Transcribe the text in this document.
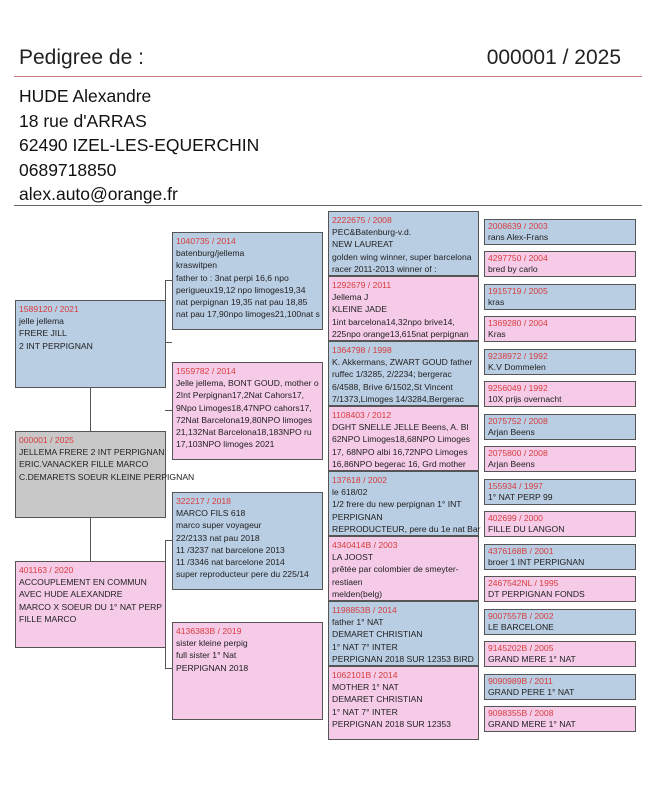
Pedigree de :	000001 / 2025
HUDE Alexandre
18 rue d'ARRAS
62490 IZEL-LES-EQUERCHIN
0689718850
alex.auto@orange.fr
1589120 / 2021
jelle jellema
FRERE JILL
2 INT PERPIGNAN
000001 / 2025
JELLEMA FRERE 2 INT PERPIGNAN
ERIC.VANACKER FILLE MARCO
C.DEMARETS SOEUR KLEINE PERPIGNAN
401163 / 2020
ACCOUPLEMENT EN COMMUN
AVEC HUDE ALEXANDRE
MARCO X SOEUR DU 1° NAT PERP
FILLE MARCO
1040735 / 2014
batenburg/jellema
kraswitpen
father to : 3nat perpi 16,6 npo
perigueux19,12 npo limoges19,34
nat perpignan 19,35 nat pau 18,85
nat pau 17,90npo limoges21,100nat s
1559782 / 2014
Jelle jellema, BONT GOUD, mother o
2Int Perpignan17,2Nat Cahors17,
9Npo Limoges18,47NPO cahors17,
72Nat Barcelona19,80NPO limoges
21,132Nat Barcelona18,183NPO ru
17,103NPO limoges 2021
322217 / 2018
MARCO FILS 618
marco super voyageur
22/2133 nat pau 2018
11 /3237 nat barcelone 2013
11 /3346 nat barcelone 2014
super reproducteur pere du 225/14
4136383B / 2019
sister kleine perpig
full sister 1° Nat
PERPIGNAN 2018
2222675 / 2008
PEC&Batenburg-v.d.
NEW LAUREAT
golden wing winner, super barcelona
racer 2011-2013 winner of :
1292679 / 2011
Jellema J
KLEINE JADE
1int barcelona14,32npo brive14,
225npo orange13,615nat perpignan
1364798 / 1998
K. Akkermans, ZWART GOUD father
ruffec 1/3285, 2/2234; bergerac
6/4588, Brive 6/1502,St Vincent
7/1373,Limoges 14/3284,Bergerac
1108403 / 2012
DGHT SNELLE JELLE Beens, A. Bl
62NPO Limoges18,68NPO Limoges
17, 68NPO albi 16,72NPO Limoges
16,86NPO begerac 16, Grd mother
137618 / 2002
le 618/02
1/2 frere du new perpignan 1° INT
PERPIGNAN
REPRODUCTEUR, pere du 1e nat Bar
4340414B / 2003
LA JOOST
prêtée par colombier de smeyter-
restiaen
melden(belg)
1198853B / 2014
father 1° NAT
DEMARET CHRISTIAN
1° NAT 7° INTER
PERPIGNAN 2018 SUR 12353 BIRD
1062101B / 2014
MOTHER 1° NAT
DEMARET CHRISTIAN
1° NAT 7° INTER
PERPIGNAN 2018 SUR 12353
2008639 / 2003
rans Alex-Frans
4297750 / 2004
bred by carlo
1915719 / 2005
kras
1369280 / 2004
Kras
9238972 / 1992
K.V Dommelen
9256049 / 1992
10X prijs overnacht
2075752 / 2008
Arjan Beens
2075800 / 2008
Arjan Beens
155934 / 1997
1° NAT PERP 99
402699 / 2000
FILLE DU LANGON
4376168B / 2001
broer 1 INT PERPIGNAN
2467542NL / 1995
DT PERPIGNAN FONDS
9007557B / 2002
LE BARCELONE
9145202B / 2005
GRAND MERE 1° NAT
9090989B / 2011
GRAND PERE 1° NAT
9098355B / 2008
GRAND MERE 1° NAT
